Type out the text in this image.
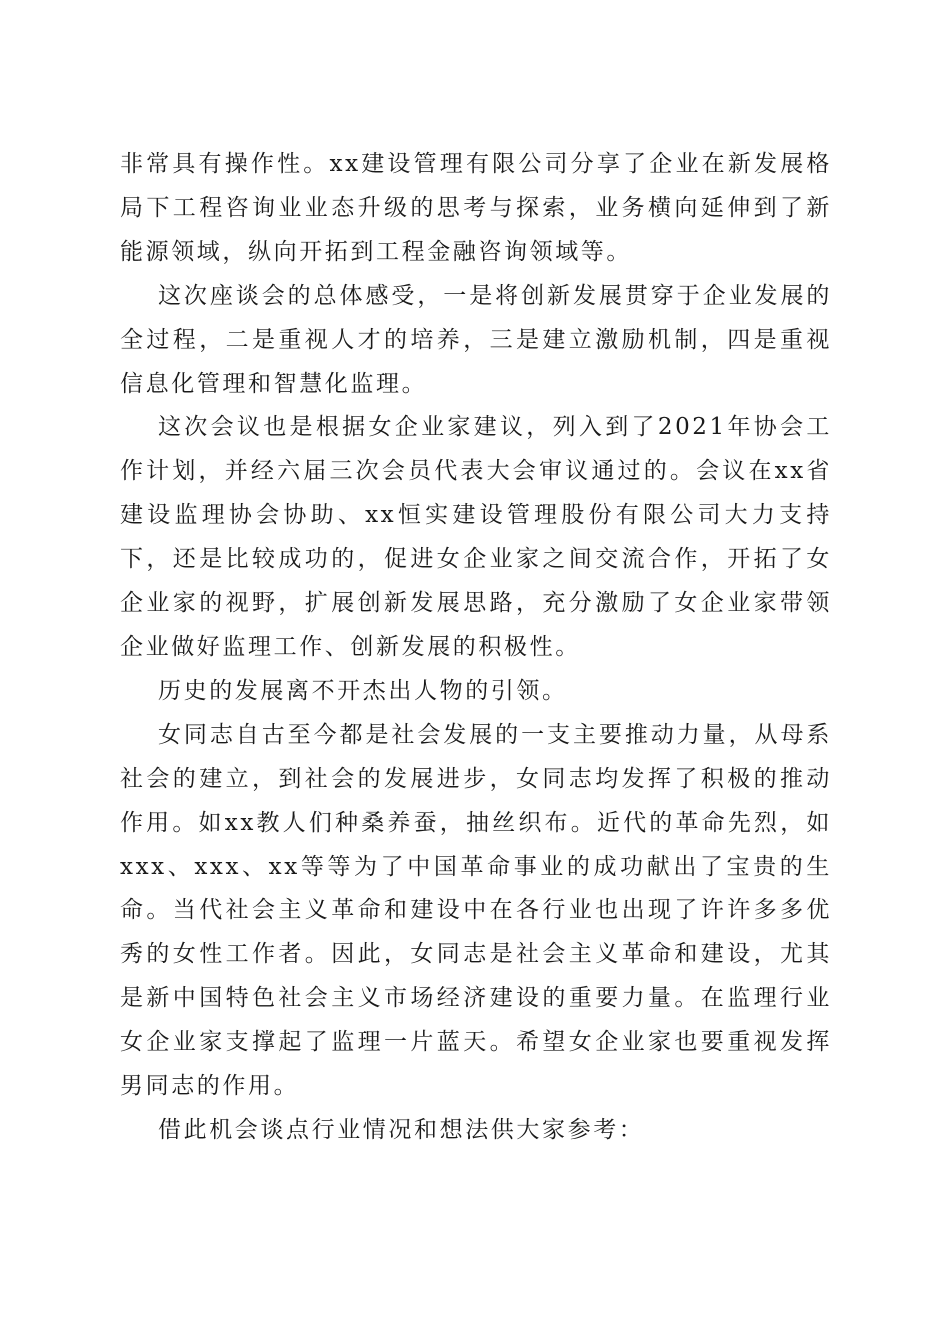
非常具有操作性。xx建设管理有限公司分享了企业在新发展格局下工程咨询业业态升级的思考与探索，业务横向延伸到了新能源领域，纵向开拓到工程金融咨询领域等。

这次座谈会的总体感受，一是将创新发展贯穿于企业发展的全过程，二是重视人才的培养，三是建立激励机制，四是重视信息化管理和智慧化监理。

这次会议也是根据女企业家建议，列入到了2021年协会工作计划，并经六届三次会员代表大会审议通过的。会议在xx省建设监理协会协助、xx恒实建设管理股份有限公司大力支持下，还是比较成功的，促进女企业家之间交流合作，开拓了女企业家的视野，扩展创新发展思路，充分激励了女企业家带领企业做好监理工作、创新发展的积极性。

历史的发展离不开杰出人物的引领。

女同志自古至今都是社会发展的一支主要推动力量，从母系社会的建立，到社会的发展进步，女同志均发挥了积极的推动作用。如xx教人们种桑养蚕，抽丝织布。近代的革命先烈，如xxx、xxx、xx等等为了中国革命事业的成功献出了宝贵的生命。当代社会主义革命和建设中在各行业也出现了许许多多优秀的女性工作者。因此，女同志是社会主义革命和建设，尤其是新中国特色社会主义市场经济建设的重要力量。在监理行业女企业家支撑起了监理一片蓝天。希望女企业家也要重视发挥男同志的作用。

借此机会谈点行业情况和想法供大家参考：
